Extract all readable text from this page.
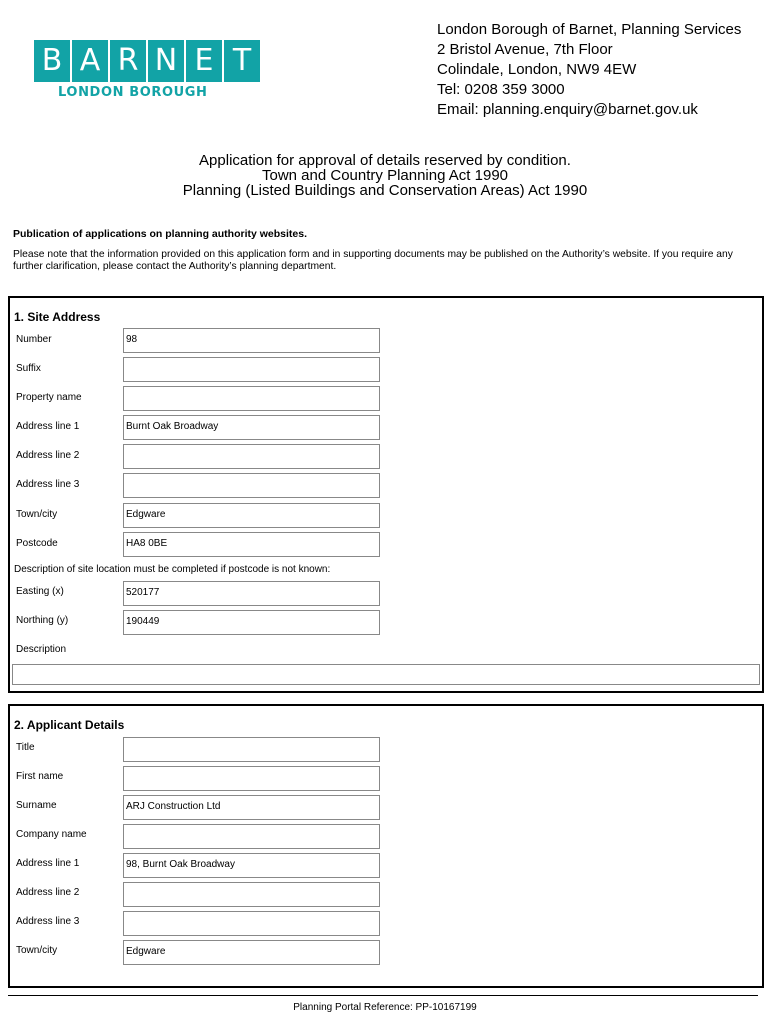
B A R N E T
LONDON BOROUGH
London Borough of Barnet, Planning Services
2 Bristol Avenue, 7th Floor
Colindale, London, NW9 4EW
Tel: 0208 359 3000
Email: planning.enquiry@barnet.gov.uk
Application for approval of details reserved by condition.
Town and Country Planning Act 1990
Planning (Listed Buildings and Conservation Areas) Act 1990
Publication of applications on planning authority websites.
Please note that the information provided on this application form and in supporting documents may be published on the Authority’s website. If you require any further clarification, please contact the Authority’s planning department.
1. Site Address
Number	98
Suffix
Property name
Address line 1	Burnt Oak Broadway
Address line 2
Address line 3
Town/city	Edgware
Postcode	HA8 0BE
Description of site location must be completed if postcode is not known:
Easting (x)	520177
Northing (y)	190449
Description
2. Applicant Details
Title
First name
Surname	ARJ Construction Ltd
Company name
Address line 1	98, Burnt Oak Broadway
Address line 2
Address line 3
Town/city	Edgware
Planning Portal Reference: PP-10167199
